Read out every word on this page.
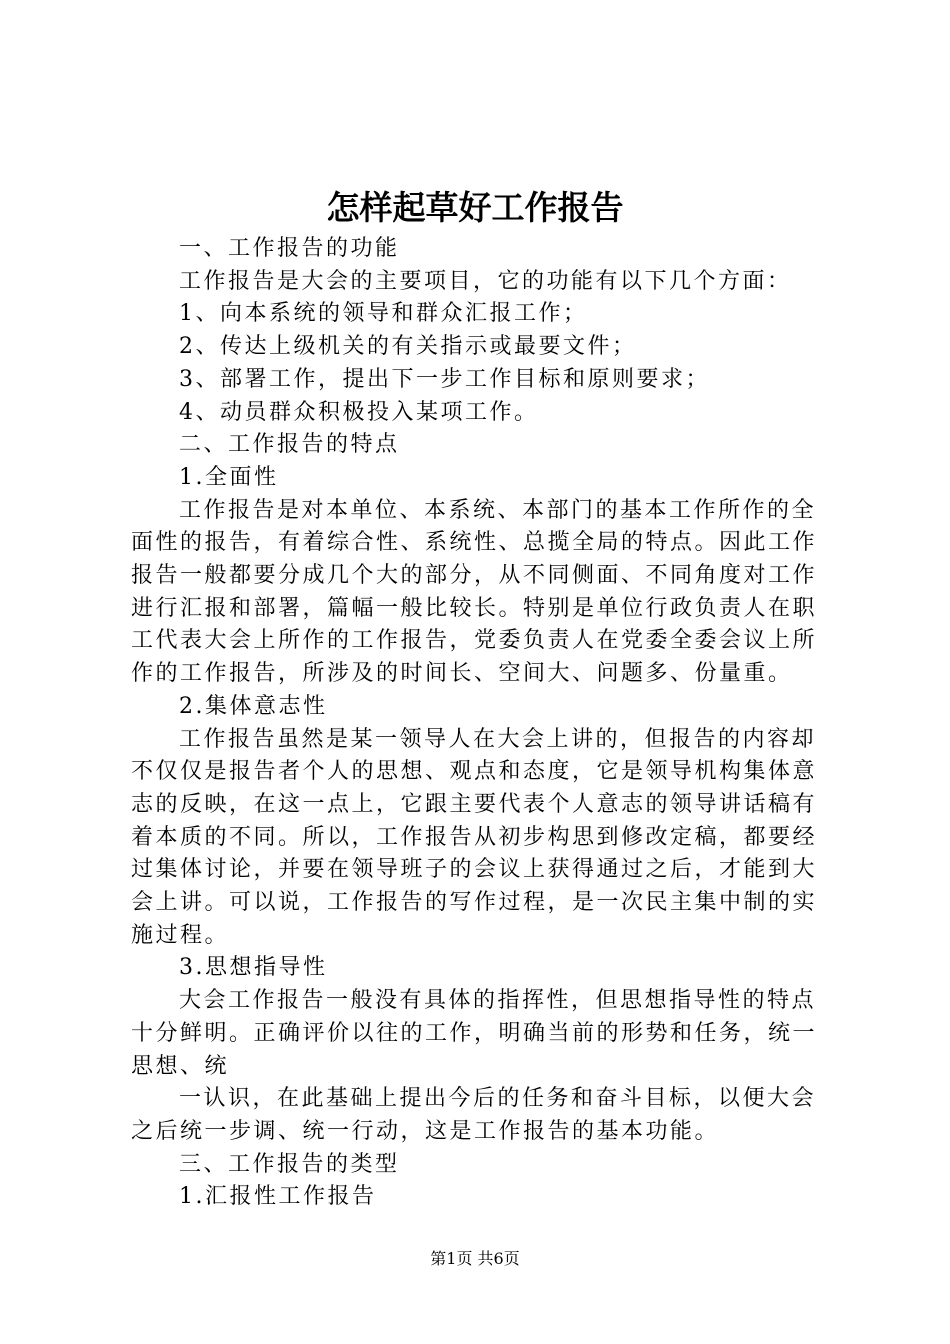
怎样起草好工作报告

一、工作报告的功能

工作报告是大会的主要项目，它的功能有以下几个方面：

1、向本系统的领导和群众汇报工作；

2、传达上级机关的有关指示或最要文件；

3、部署工作，提出下一步工作目标和原则要求；

4、动员群众积极投入某项工作。

二、工作报告的特点

1.全面性

工作报告是对本单位、本系统、本部门的基本工作所作的全面性的报告，有着综合性、系统性、总揽全局的特点。因此工作报告一般都要分成几个大的部分，从不同侧面、不同角度对工作进行汇报和部署，篇幅一般比较长。特别是单位行政负责人在职工代表大会上所作的工作报告，党委负责人在党委全委会议上所作的工作报告，所涉及的时间长、空间大、问题多、份量重。

2.集体意志性

工作报告虽然是某一领导人在大会上讲的，但报告的内容却不仅仅是报告者个人的思想、观点和态度，它是领导机构集体意志的反映，在这一点上，它跟主要代表个人意志的领导讲话稿有着本质的不同。所以，工作报告从初步构思到修改定稿，都要经过集体讨论，并要在领导班子的会议上获得通过之后，才能到大会上讲。可以说，工作报告的写作过程，是一次民主集中制的实施过程。

3.思想指导性

大会工作报告一般没有具体的指挥性，但思想指导性的特点十分鲜明。正确评价以往的工作，明确当前的形势和任务，统一思想、统

一认识，在此基础上提出今后的任务和奋斗目标，以便大会之后统一步调、统一行动，这是工作报告的基本功能。

三、工作报告的类型

1.汇报性工作报告

第1页 共6页
